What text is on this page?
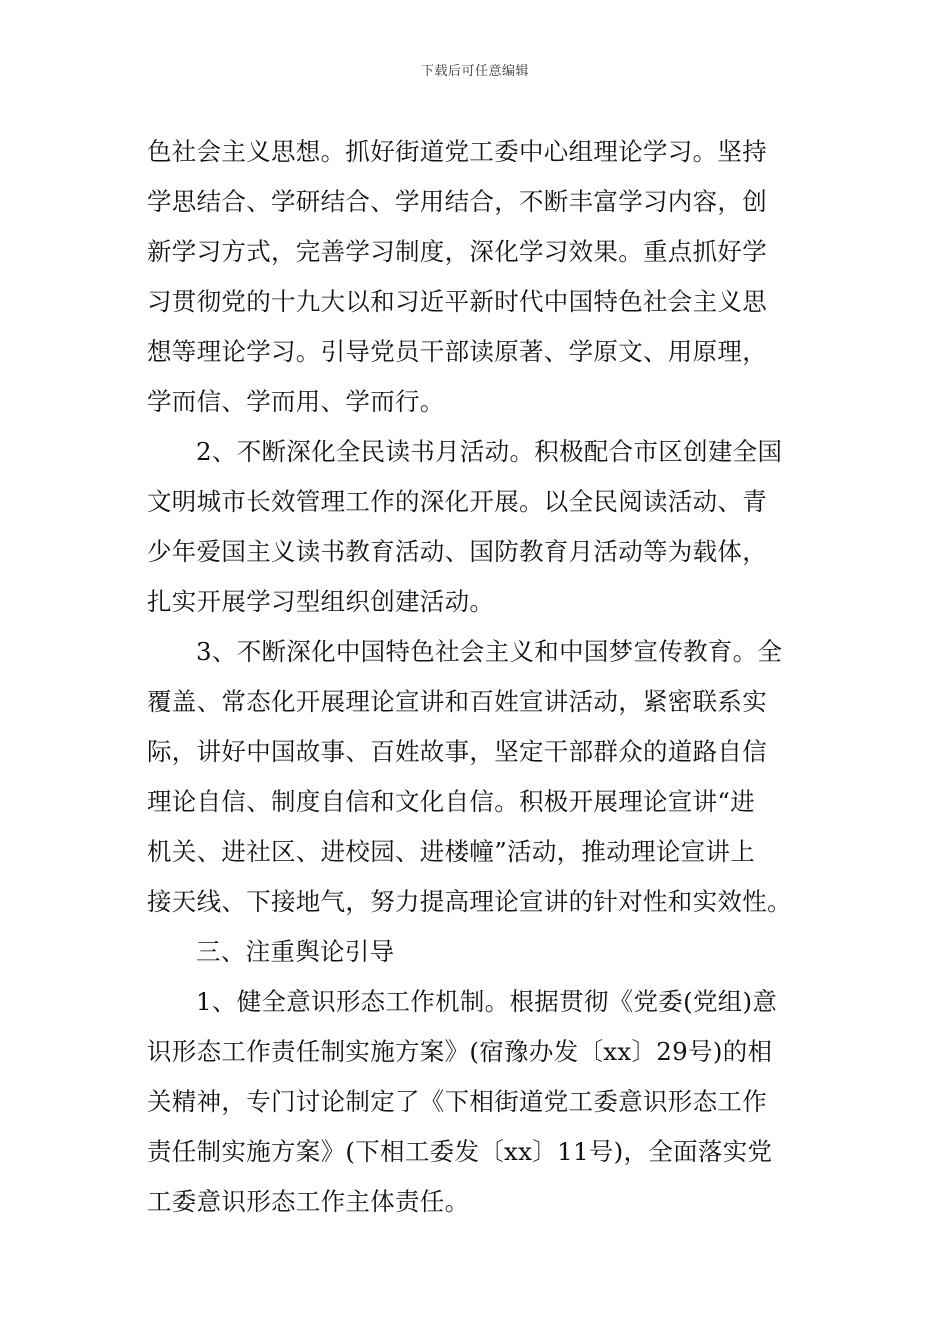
下载后可任意编辑
色社会主义思想。抓好街道党工委中心组理论学习。坚持
学思结合、学研结合、学用结合，不断丰富学习内容，创
新学习方式，完善学习制度，深化学习效果。重点抓好学
习贯彻党的十九大以和习近平新时代中国特色社会主义思
想等理论学习。引导党员干部读原著、学原文、用原理，
学而信、学而用、学而行。
2、不断深化全民读书月活动。积极配合市区创建全国
文明城市长效管理工作的深化开展。以全民阅读活动、青
少年爱国主义读书教育活动、国防教育月活动等为载体，
扎实开展学习型组织创建活动。
3、不断深化中国特色社会主义和中国梦宣传教育。全
覆盖、常态化开展理论宣讲和百姓宣讲活动，紧密联系实
际，讲好中国故事、百姓故事，坚定干部群众的道路自信
理论自信、制度自信和文化自信。积极开展理论宣讲“进
机关、进社区、进校园、进楼幢”活动，推动理论宣讲上
接天线、下接地气，努力提高理论宣讲的针对性和实效性。
三、注重舆论引导
1、健全意识形态工作机制。根据贯彻《党委(党组)意
识形态工作责任制实施方案》(宿豫办发〔xx〕29号)的相
关精神，专门讨论制定了《下相街道党工委意识形态工作
责任制实施方案》(下相工委发〔xx〕11号)，全面落实党
工委意识形态工作主体责任。
